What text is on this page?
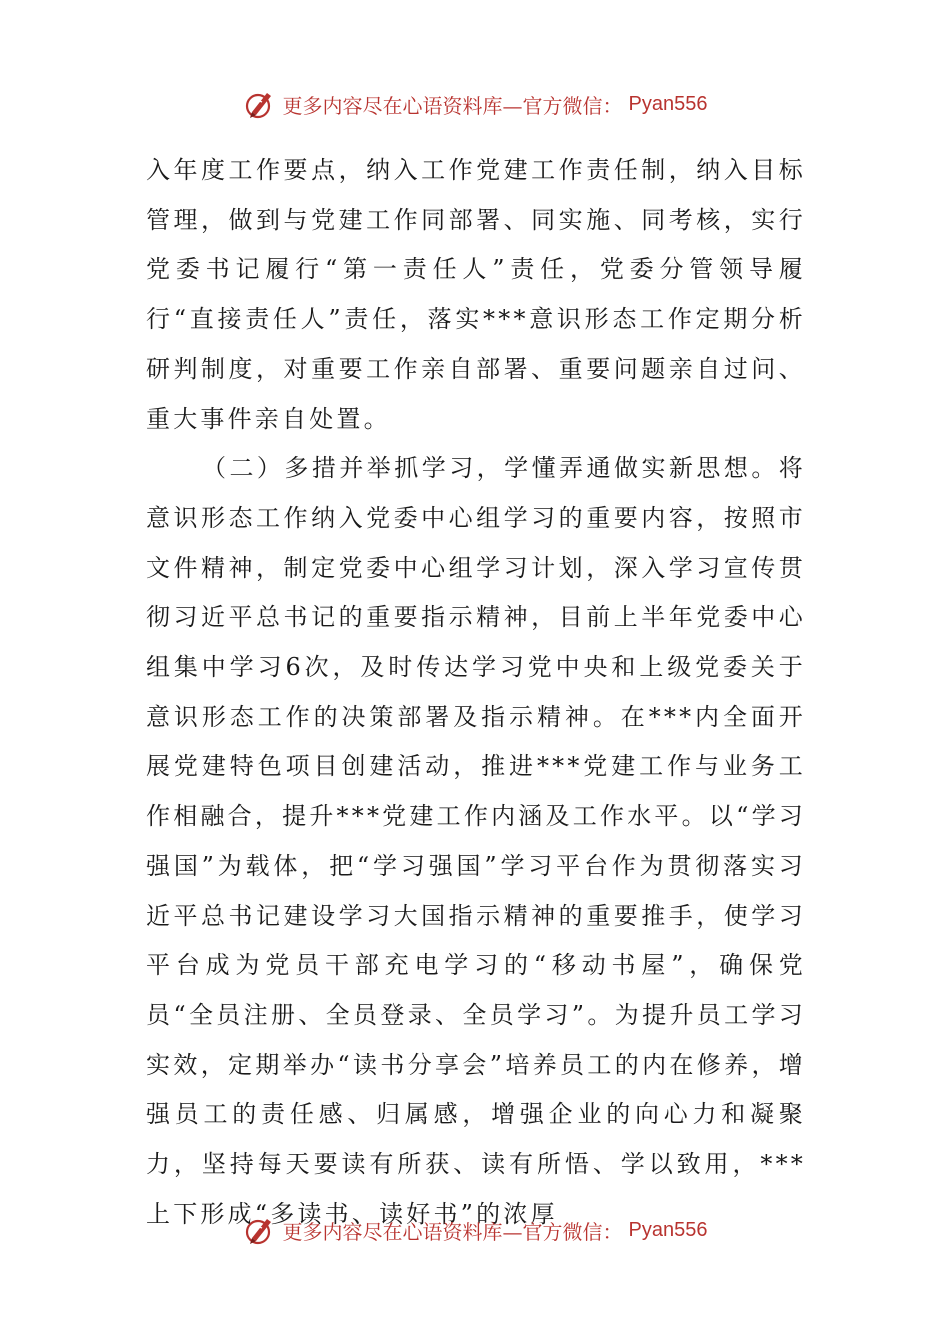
更多内容尽在心语资料库—官方微信： Pyan556

入年度工作要点，纳入工作党建工作责任制，纳入目标管理，做到与党建工作同部署、同实施、同考核，实行党委书记履行“第一责任人”责任，党委分管领导履行“直接责任人”责任，落实***意识形态工作定期分析研判制度，对重要工作亲自部署、重要问题亲自过问、重大事件亲自处置。

（二）多措并举抓学习，学懂弄通做实新思想。将意识形态工作纳入党委中心组学习的重要内容，按照市文件精神，制定党委中心组学习计划，深入学习宣传贯彻习近平总书记的重要指示精神，目前上半年党委中心组集中学习6次，及时传达学习党中央和上级党委关于意识形态工作的决策部署及指示精神。在***内全面开展党建特色项目创建活动，推进***党建工作与业务工作相融合，提升***党建工作内涵及工作水平。以“学习强国”为载体，把“学习强国”学习平台作为贯彻落实习近平总书记建设学习大国指示精神的重要推手，使学习平台成为党员干部充电学习的“移动书屋”，确保党员“全员注册、全员登录、全员学习”。为提升员工学习实效，定期举办“读书分享会”培养员工的内在修养，增强员工的责任感、归属感，增强企业的向心力和凝聚力，坚持每天要读有所获、读有所悟、学以致用，***上下形成“多读书、读好书”的浓厚

更多内容尽在心语资料库—官方微信： Pyan556
